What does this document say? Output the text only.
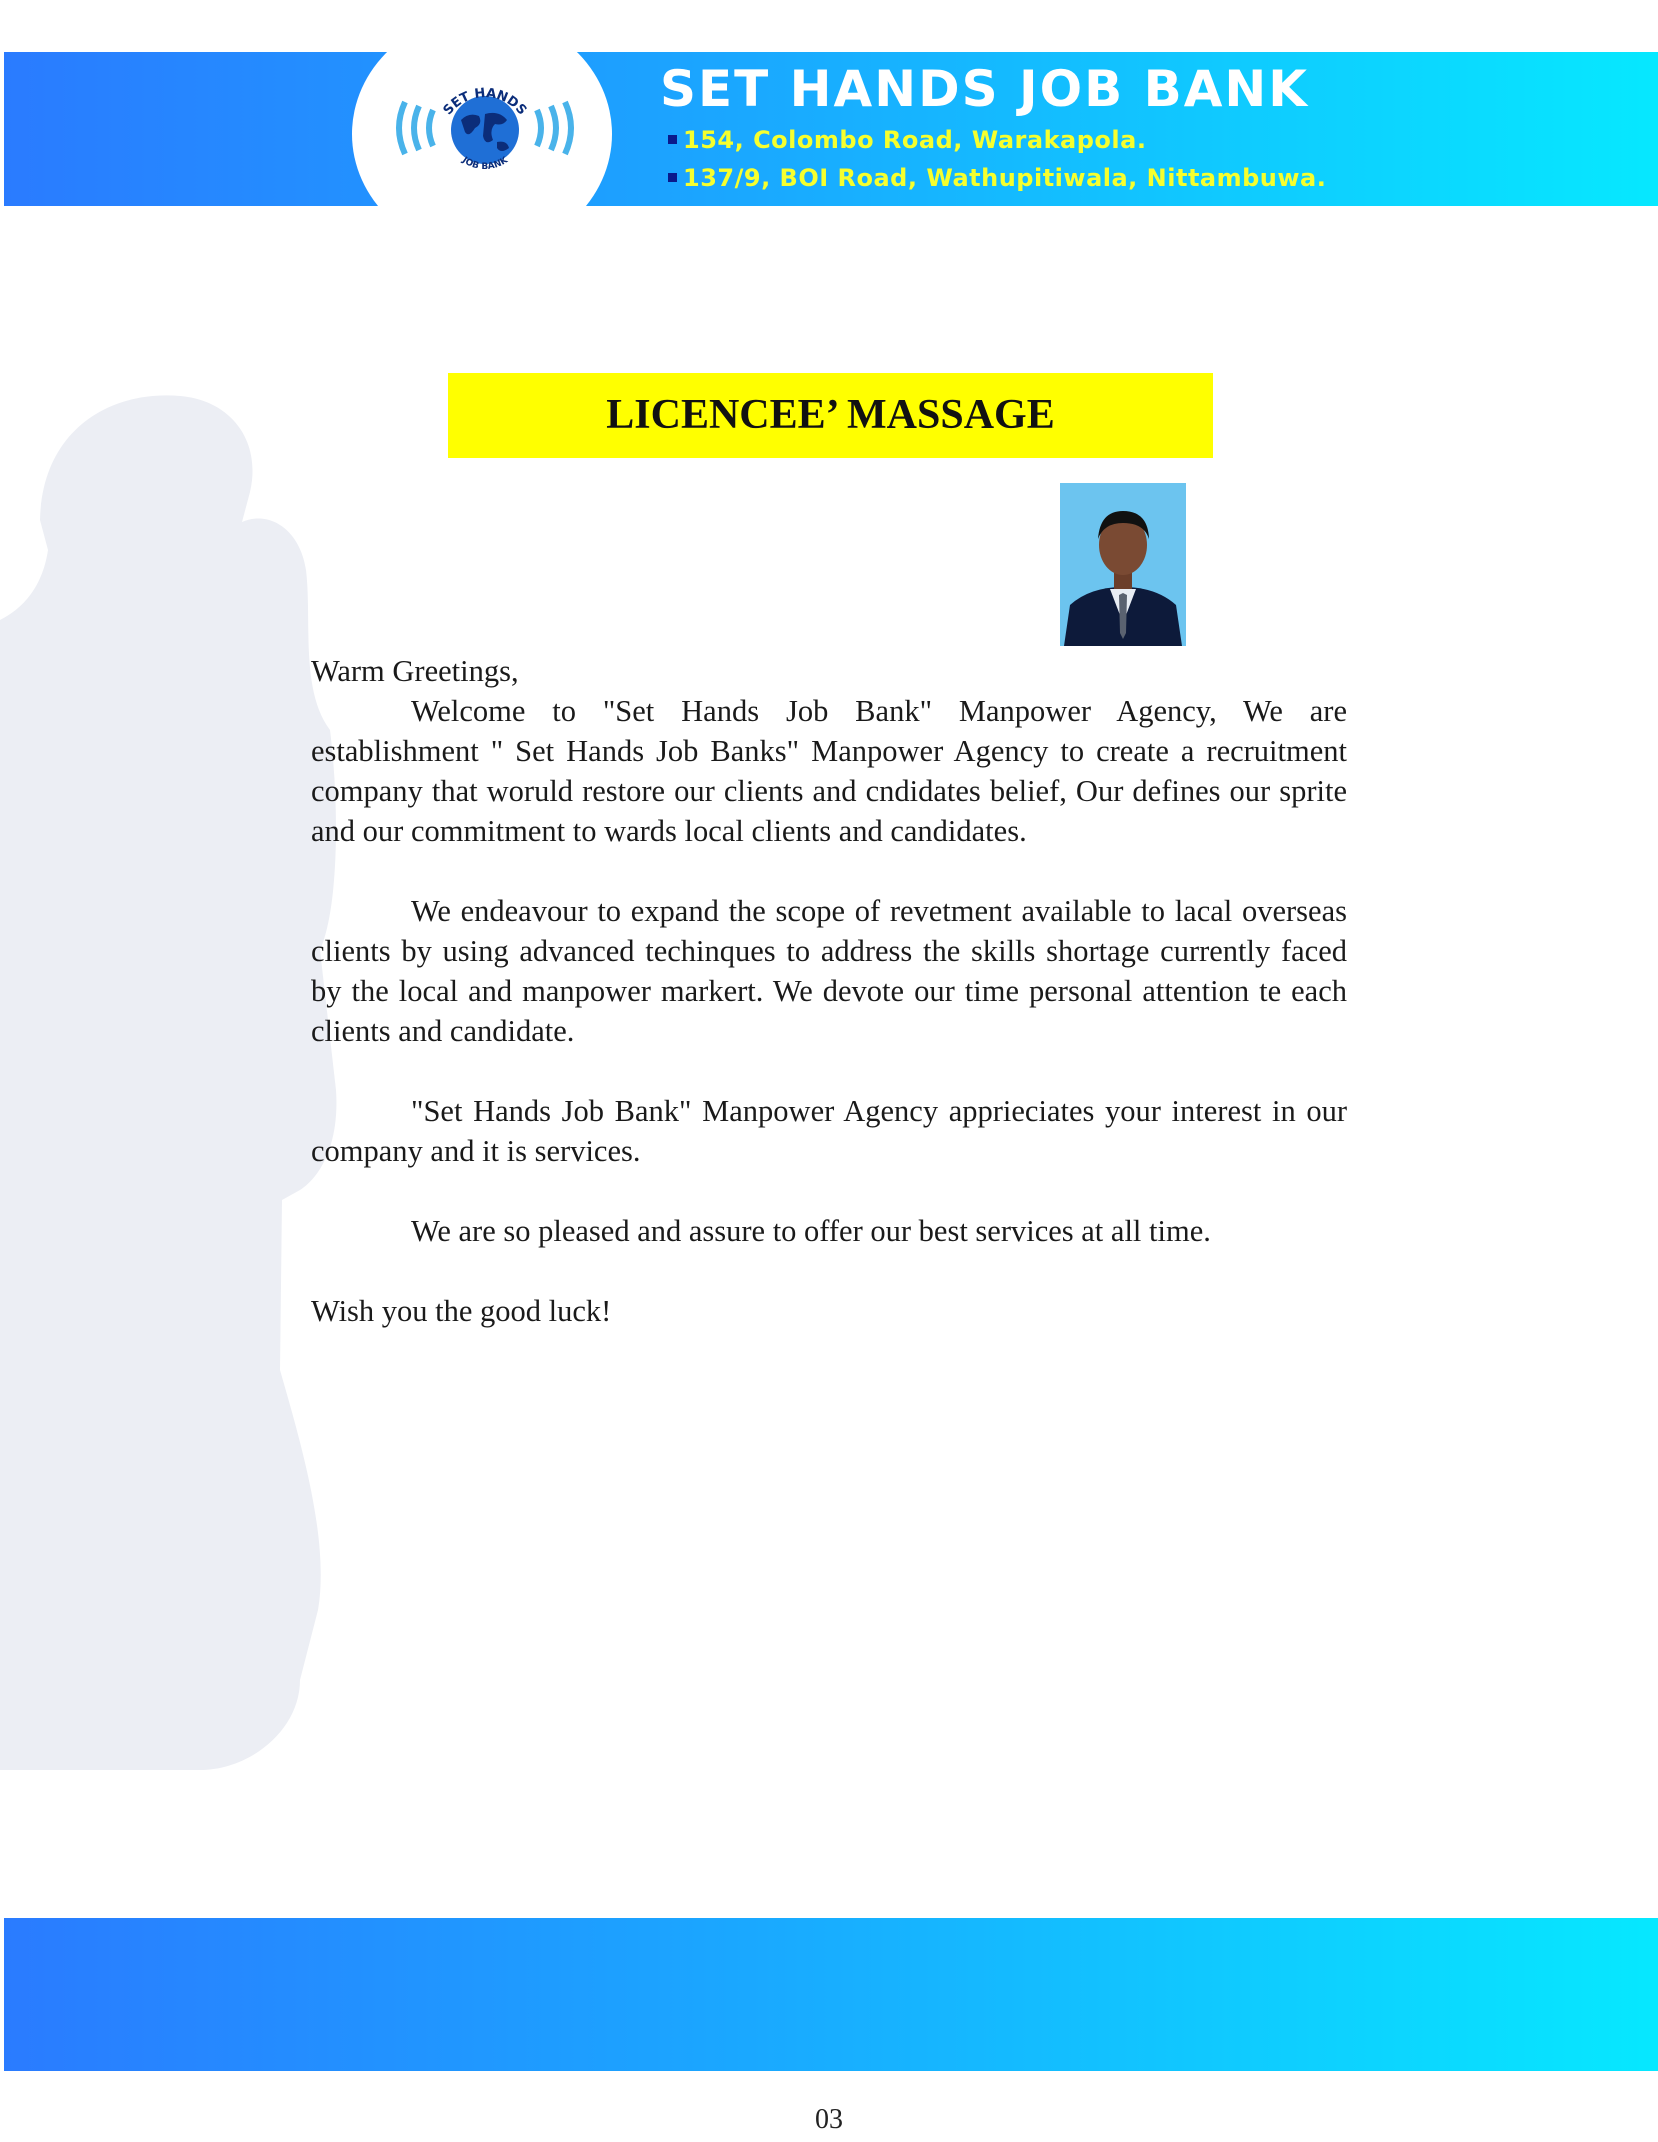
SET HANDS
JOB BANK
SET HANDS JOB BANK
154, Colombo Road, Warakapola.
137/9, BOI Road, Wathupitiwala, Nittambuwa.
LICENCEE’ MASSAGE

Warm Greetings,

Welcome to "Set Hands Job Bank" Manpower Agency, We are establishment " Set Hands Job Banks" Manpower Agency to create a recruitment company that woruld restore our clients and cndidates belief, Our defines our sprite and our commitment to wards local clients and candidates.

We endeavour to expand the scope of revetment available to lacal overseas clients by using advanced techinques to address the skills shortage currently faced by the local and manpower markert. We devote our time personal attention te each clients and candidate.

"Set Hands Job Bank" Manpower Agency apprieciates your interest in our company and it is services.

We are so pleased and assure to offer our best services at all time.

Wish you the good luck!

03
